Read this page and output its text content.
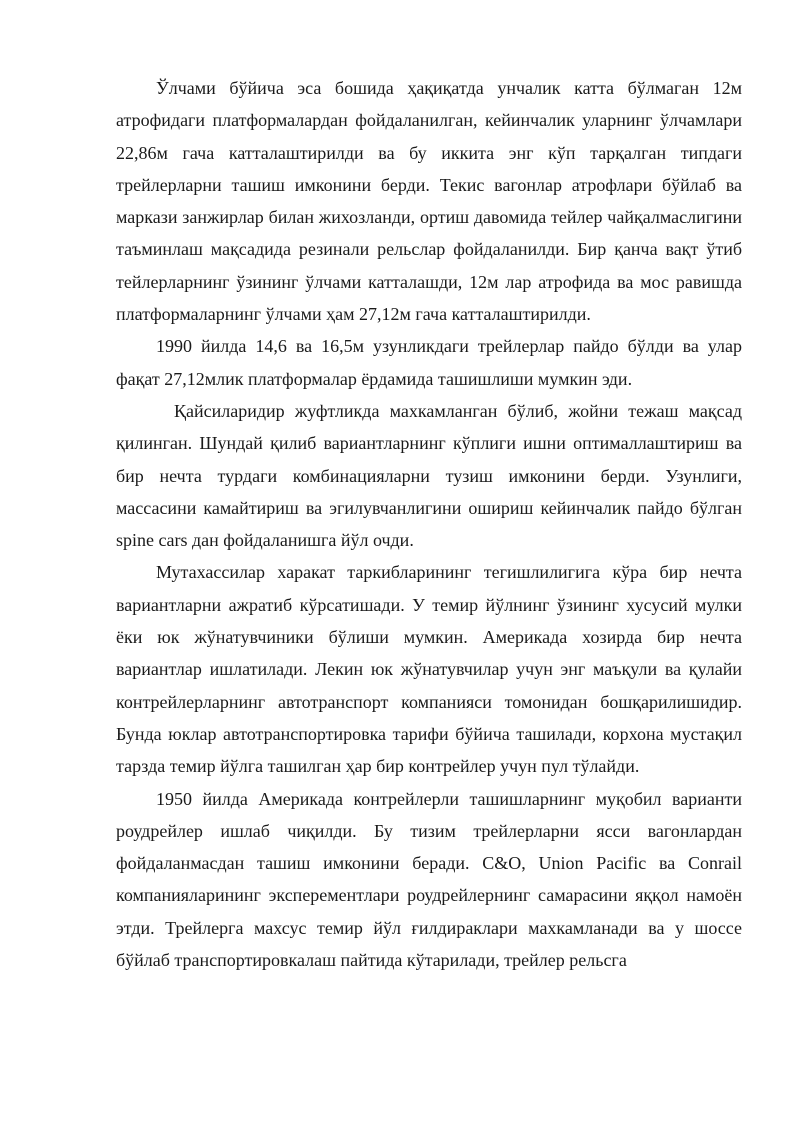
Ўлчами бўйича эса бошида ҳақиқатда унчалик катта бўлмаган 12м атрофидаги платформалардан фойдаланилган, кейинчалик уларнинг ўлчамлари 22,86м гача катталаштирилди ва бу иккита энг кўп тарқалган типдаги трейлерларни ташиш имконини берди. Текис вагонлар атрофлари бўйлаб ва маркази занжирлар билан жихозланди, ортиш давомида тейлер чайқалмаслигини таъминлаш мақсадида резинали рельслар фойдаланилди. Бир қанча вақт ўтиб тейлерларнинг ўзининг ўлчами катталашди, 12м лар атрофида ва мос равишда платформаларнинг ўлчами ҳам 27,12м гача катталаштирилди.

1990 йилда 14,6 ва 16,5м узунликдаги трейлерлар пайдо бўлди ва улар фақат 27,12млик платформалар ёрдамида ташишлиши мумкин эди.

Қайсиларидир жуфтликда махкамланган бўлиб, жойни тежаш мақсад қилинган. Шундай қилиб вариантларнинг кўплиги ишни оптималлаштириш ва бир нечта турдаги комбинацияларни тузиш имконини берди. Узунлиги, массасини камайтириш ва эгилувчанлигини ошириш кейинчалик пайдо бўлган spine cars дан фойдаланишга йўл очди.

Мутахассилар харакат таркибларининг тегишлилигига кўра бир нечта вариантларни ажратиб кўрсатишади. У темир йўлнинг ўзининг хусусий мулки ёки юк жўнатувчиники бўлиши мумкин. Америкада хозирда бир нечта вариантлар ишлатилади. Лекин юк жўнатувчилар учун энг маъқули ва қулайи контрейлерларнинг автотранспорт компанияси томонидан бошқарилишидир. Бунда юклар автотранспортировка тарифи бўйича ташилади, корхона мустақил тарзда темир йўлга ташилган ҳар бир контрейлер учун пул тўлайди.

1950 йилда Америкада контрейлерли ташишларнинг муқобил варианти роудрейлер ишлаб чиқилди. Бу тизим трейлерларни ясси вагонлардан фойдаланмасдан ташиш имконини беради. C&O, Union Pacific ва Conrail компанияларининг эксперементлари роудрейлернинг самарасини яққол намоён этди. Трейлерга махсус темир йўл ғилдираклари махкамланади ва у шоссе бўйлаб транспортировкалаш пайтида кўтарилади, трейлер рельсга
